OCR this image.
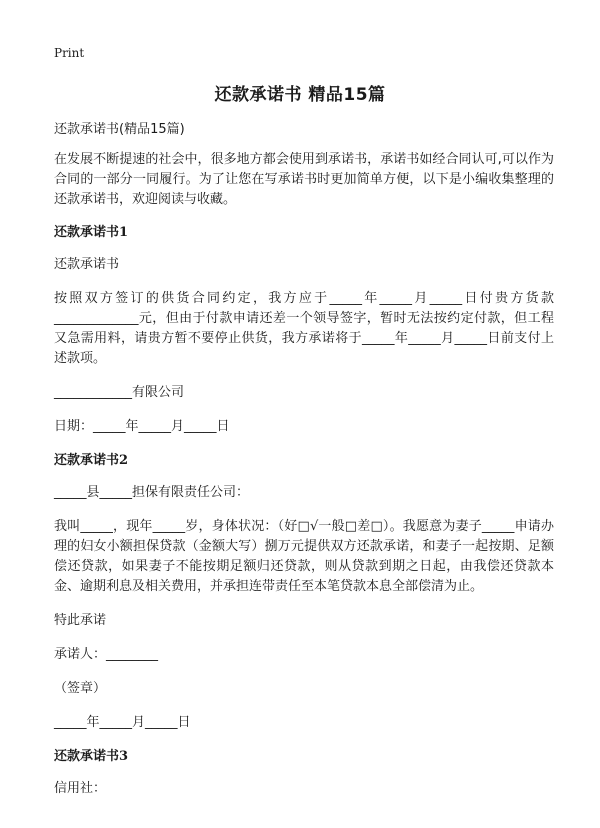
Print
还款承诺书 精品15篇

还款承诺书(精品15篇)

在发展不断提速的社会中，很多地方都会使用到承诺书，承诺书如经合同认可,可以作为合同的一部分一同履行。为了让您在写承诺书时更加简单方便，以下是小编收集整理的还款承诺书，欢迎阅读与收藏。

还款承诺书1

还款承诺书

按照双方签订的供货合同约定，我方应于_____年_____月_____日付贵方货款_____________元，但由于付款申请还差一个领导签字，暂时无法按约定付款，但工程又急需用料，请贵方暂不要停止供货，我方承诺将于_____年_____月_____日前支付上述款项。

____________有限公司

日期：_____年_____月_____日

还款承诺书2

_____县_____担保有限责任公司：

我叫_____，现年_____岁，身体状况：（好□√一般□差□）。我愿意为妻子_____申请办理的妇女小额担保贷款（金额大写）捌万元提供双方还款承诺，和妻子一起按期、足额偿还贷款，如果妻子不能按期足额归还贷款，则从贷款到期之日起，由我偿还贷款本金、逾期利息及相关费用，并承担连带责任至本笔贷款本息全部偿清为止。

特此承诺

承诺人：________

（签章）

_____年_____月_____日

还款承诺书3

信用社：
